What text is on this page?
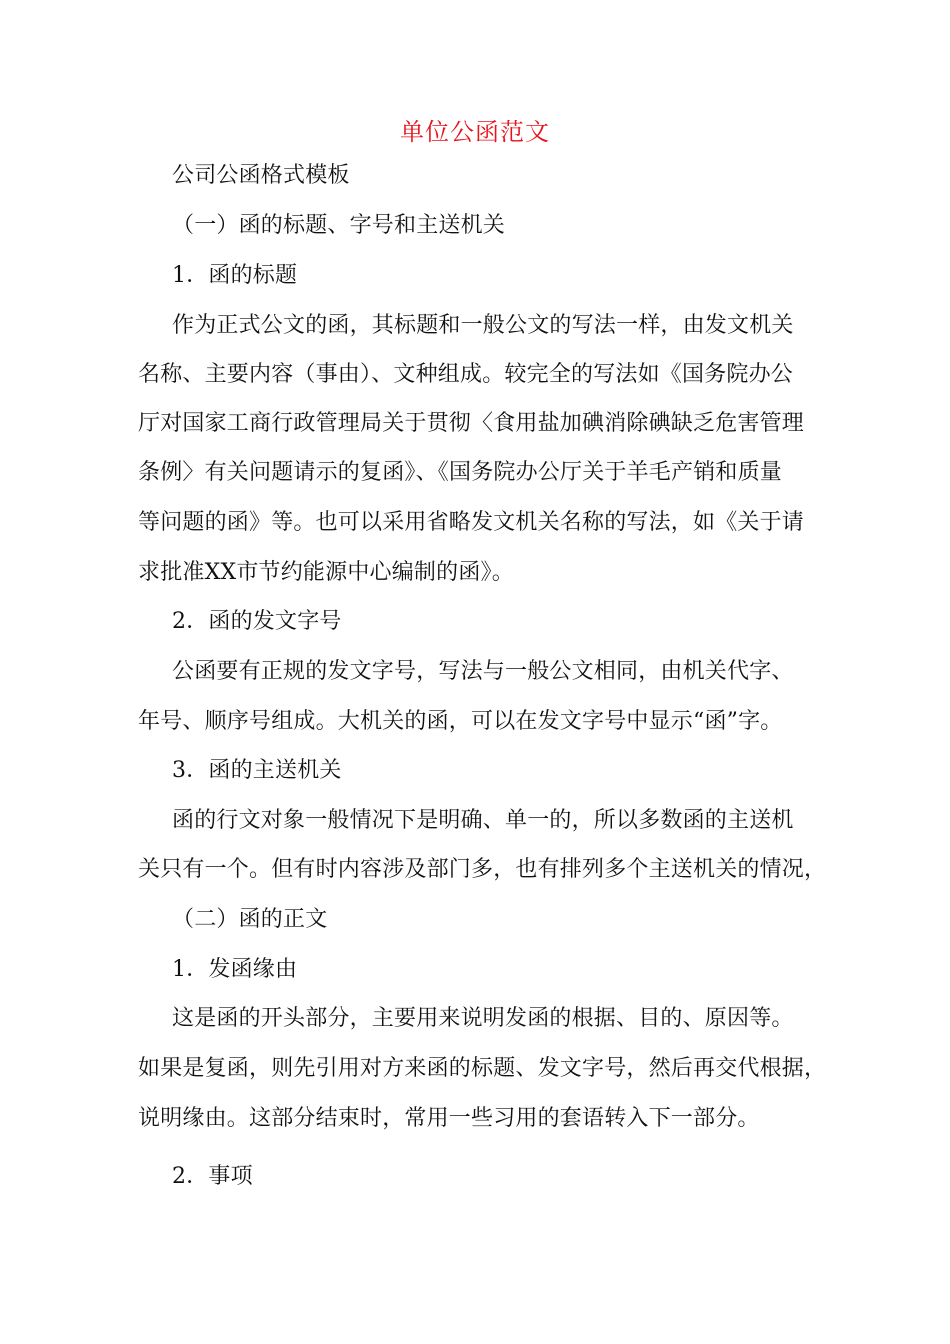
单位公函范文
公司公函格式模板
（一）函的标题、字号和主送机关
1．函的标题
作为正式公文的函，其标题和一般公文的写法一样，由发文机关
名称、主要内容（事由）、文种组成。较完全的写法如《国务院办公
厅对国家工商行政管理局关于贯彻〈食用盐加碘消除碘缺乏危害管理
条例〉有关问题请示的复函》、《国务院办公厅关于羊毛产销和质量
等问题的函》等。也可以采用省略发文机关名称的写法，如《关于请
求批准XX市节约能源中心编制的函》。
2．函的发文字号
公函要有正规的发文字号，写法与一般公文相同，由机关代字、
年号、顺序号组成。大机关的函，可以在发文字号中显示“函”字。
3．函的主送机关
函的行文对象一般情况下是明确、单一的，所以多数函的主送机
关只有一个。但有时内容涉及部门多，也有排列多个主送机关的情况，
（二）函的正文
1．发函缘由
这是函的开头部分，主要用来说明发函的根据、目的、原因等。
如果是复函，则先引用对方来函的标题、发文字号，然后再交代根据，
说明缘由。这部分结束时，常用一些习用的套语转入下一部分。
2．事项
